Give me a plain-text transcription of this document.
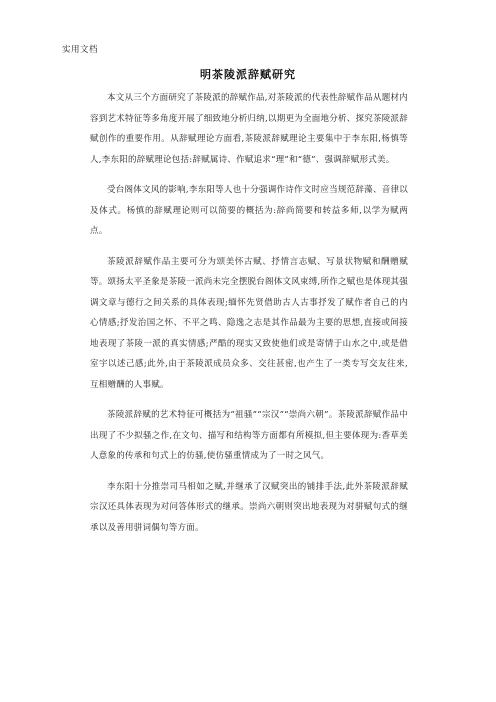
实用文档
明茶陵派辞赋研究

本文从三个方面研究了茶陵派的辞赋作品,对茶陵派的代表性辞赋作品从题材内容到艺术特征等多角度开展了细致地分析归纳,以期更为全面地分析、探究茶陵派辞赋创作的重要作用。从辞赋理论方面看,茶陵派辞赋理论主要集中于李东阳,杨慎等人,李东阳的辞赋理论包括:辞赋属诗、作赋追求“理”和“德”、强调辞赋形式美。

受台阁体文风的影响,李东阳等人也十分强调作诗作文时应当规范辞藻、音律以及体式。杨慎的辞赋理论则可以简要的概括为:辞尚简要和转益多师,以学为赋两点。

茶陵派辞赋作品主要可分为颂美怀古赋、抒情言志赋、写景状物赋和酬赠赋等。颂扬太平圣象是茶陵一派尚未完全摆脱台阁体文风束缚,所作之赋也是体现其强调文章与德行之间关系的具体表现;缅怀先贤借助古人古事抒发了赋作者自己的内心情感;抒发治国之怀、不平之鸣、隐逸之志是其作品最为主要的思想,直接或间接地表现了茶陵一派的真实情感;严酷的现实又致使他们或是寄情于山水之中,或是借室宇以述己感;此外,由于茶陵派成员众多、交往甚密,也产生了一类专写交友往来,互相赠酬的人事赋。

茶陵派辞赋的艺术特征可概括为“祖骚”“宗汉”“崇尚六朝”。茶陵派辞赋作品中出现了不少拟骚之作,在文句、描写和结构等方面都有所模拟,但主要体现为:香草美人意象的传承和句式上的仿骚,使仿骚重情成为了一时之风气。

李东阳十分推崇司马相如之赋,并继承了汉赋突出的铺排手法,此外茶陵派辞赋宗汉还具体表现为对问答体形式的继承。崇尚六朝则突出地表现为对骈赋句式的继承以及善用骈词偶句等方面。
